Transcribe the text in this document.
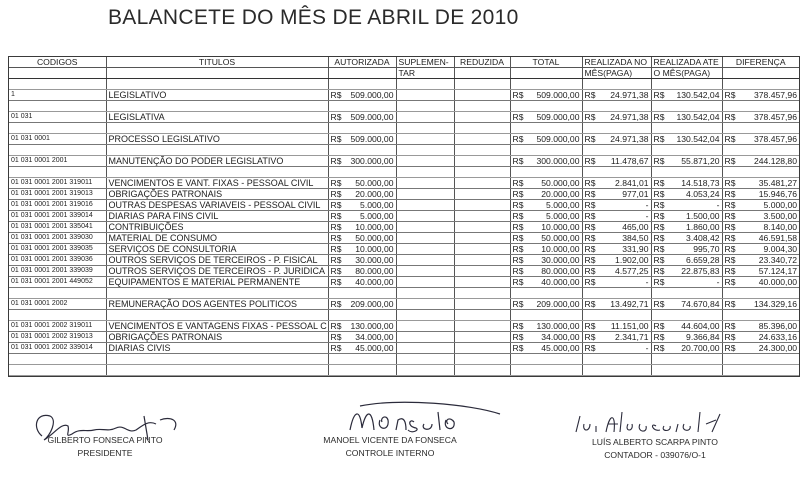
BALANCETE DO MÊS DE ABRIL DE 2010
CODIGOS	TITULOS	AUTORIZADA	SUPLEMEN-	REDUZIDA	TOTAL	REALIZADA NO	REALIZADA ATE	DIFERENÇA
			TAR			MÊS(PAGA)	O MÊS(PAGA)	

1	LEGISLATIVO	R$ 509.000,00			R$ 509.000,00	R$ 24.971,38	R$ 130.542,04	R$ 378.457,96

01 031	LEGISLATIVA	R$ 509.000,00			R$ 509.000,00	R$ 24.971,38	R$ 130.542,04	R$ 378.457,96

01 031 0001	PROCESSO LEGISLATIVO	R$ 509.000,00			R$ 509.000,00	R$ 24.971,38	R$ 130.542,04	R$ 378.457,96

01 031 0001 2001	MANUTENÇÃO DO PODER LEGISLATIVO	R$ 300.000,00			R$ 300.000,00	R$ 11.478,67	R$ 55.871,20	R$ 244.128,80

01 031 0001 2001 319011	VENCIMENTOS E VANT. FIXAS - PESSOAL CIVIL	R$ 50.000,00			R$ 50.000,00	R$ 2.841,01	R$ 14.518,73	R$ 35.481,27

01 031 0001 2001 319013	OBRIGAÇÕES PATRONAIS	R$ 20.000,00			R$ 20.000,00	R$ 977,01	R$ 4.053,24	R$ 15.946,76

01 031 0001 2001 319016	OUTRAS DESPESAS VARIAVEIS - PESSOAL CIVIL	R$ 5.000,00			R$ 5.000,00	R$ -	R$ -	R$ 5.000,00

01 031 0001 2001 339014	DIARIAS PARA FINS CIVIL	R$ 5.000,00			R$ 5.000,00	R$ -	R$ 1.500,00	R$ 3.500,00

01 031 0001 2001 335041	CONTRIBUIÇÕES	R$ 10.000,00			R$ 10.000,00	R$ 465,00	R$ 1.860,00	R$ 8.140,00

01 031 0001 2001 339030	MATERIAL DE CONSUMO	R$ 50.000,00			R$ 50.000,00	R$ 384,50	R$ 3.408,42	R$ 46.591,58

01 031 0001 2001 339035	SERVIÇOS DE CONSULTORIA	R$ 10.000,00			R$ 10.000,00	R$ 331,90	R$ 995,70	R$ 9.004,30

01 031 0001 2001 339036	OUTROS SERVIÇOS DE TERCEIROS - P. FISICAL	R$ 30.000,00			R$ 30.000,00	R$ 1.902,00	R$ 6.659,28	R$ 23.340,72

01 031 0001 2001 339039	OUTROS SERVIÇOS DE TERCEIROS - P. JURIDICA	R$ 80.000,00			R$ 80.000,00	R$ 4.577,25	R$ 22.875,83	R$ 57.124,17

01 031 0001 2001 449052	EQUIPAMENTOS E MATERIAL PERMANENTE	R$ 40.000,00			R$ 40.000,00	R$ -	R$ -	R$ 40.000,00

01 031 0001 2002	REMUNERAÇÃO DOS AGENTES POLITICOS	R$ 209.000,00			R$ 209.000,00	R$ 13.492,71	R$ 74.670,84	R$ 134.329,16

01 031 0001 2002 319011	VENCIMENTOS E VANTAGENS FIXAS - PESSOAL C	R$ 130.000,00			R$ 130.000,00	R$ 11.151,00	R$ 44.604,00	R$ 85.396,00

01 031 0001 2002 319013	OBRIGAÇÕES PATRONAIS	R$ 34.000,00			R$ 34.000,00	R$ 2.341,71	R$ 9.366,84	R$ 24.633,16

01 031 0001 2002 339014	DIARIAS CIVIS	R$ 45.000,00			R$ 45.000,00	R$ -	R$ 20.700,00	R$ 24.300,00

GILBERTO FONSECA PINTO
PRESIDENTE
MANOEL VICENTE DA FONSECA
CONTROLE INTERNO
LUÍS ALBERTO SCARPA PINTO
CONTADOR - 039076/O-1
